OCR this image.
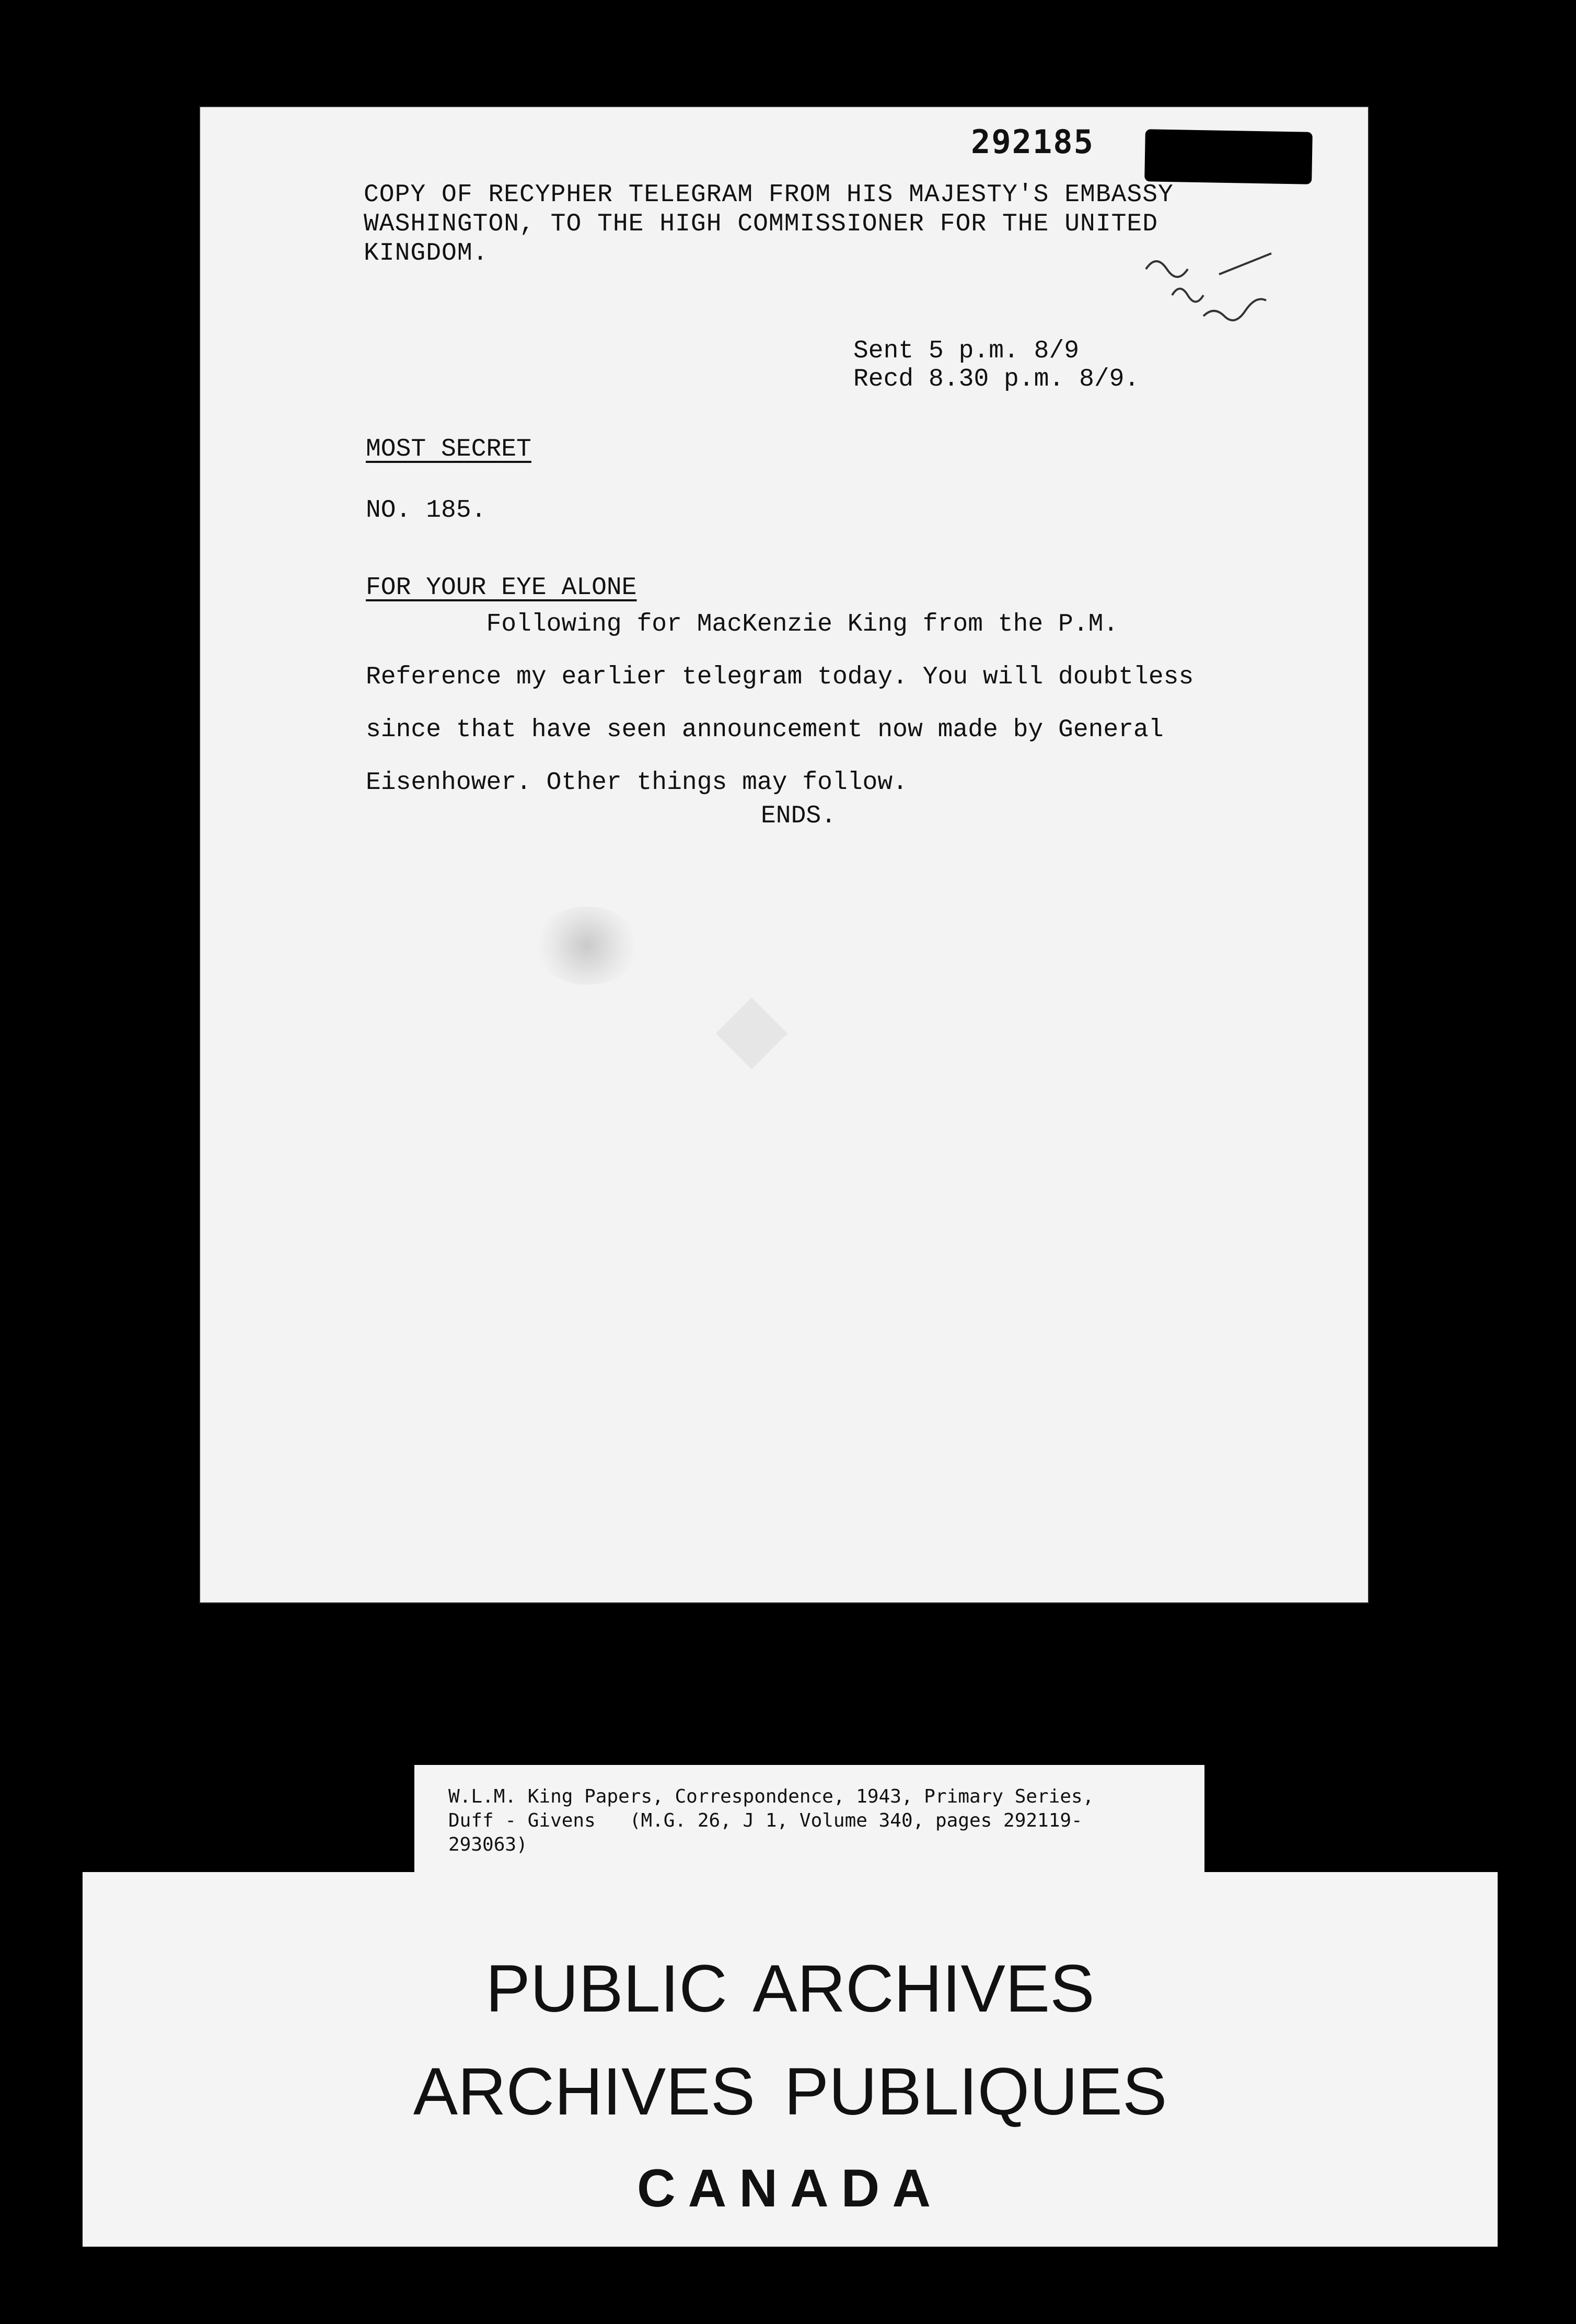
292185
COPY OF RECYPHER TELEGRAM FROM HIS MAJESTY'S EMBASSY
WASHINGTON, TO THE HIGH COMMISSIONER FOR THE UNITED
KINGDOM.
Sent 5 p.m. 8/9
Recd 8.30 p.m. 8/9.
MOST SECRET
NO. 185.
FOR YOUR EYE ALONE
Following for MacKenzie King from the P.M.
Reference my earlier telegram today. You will doubtless
since that have seen announcement now made by General
Eisenhower. Other things may follow.
ENDS.
◆
W.L.M. King Papers, Correspondence, 1943, Primary Series,
Duff - Givens   (M.G. 26, J 1, Volume 340, pages 292119-
293063)
PUBLIC ARCHIVES
ARCHIVES PUBLIQUES
CANADA
